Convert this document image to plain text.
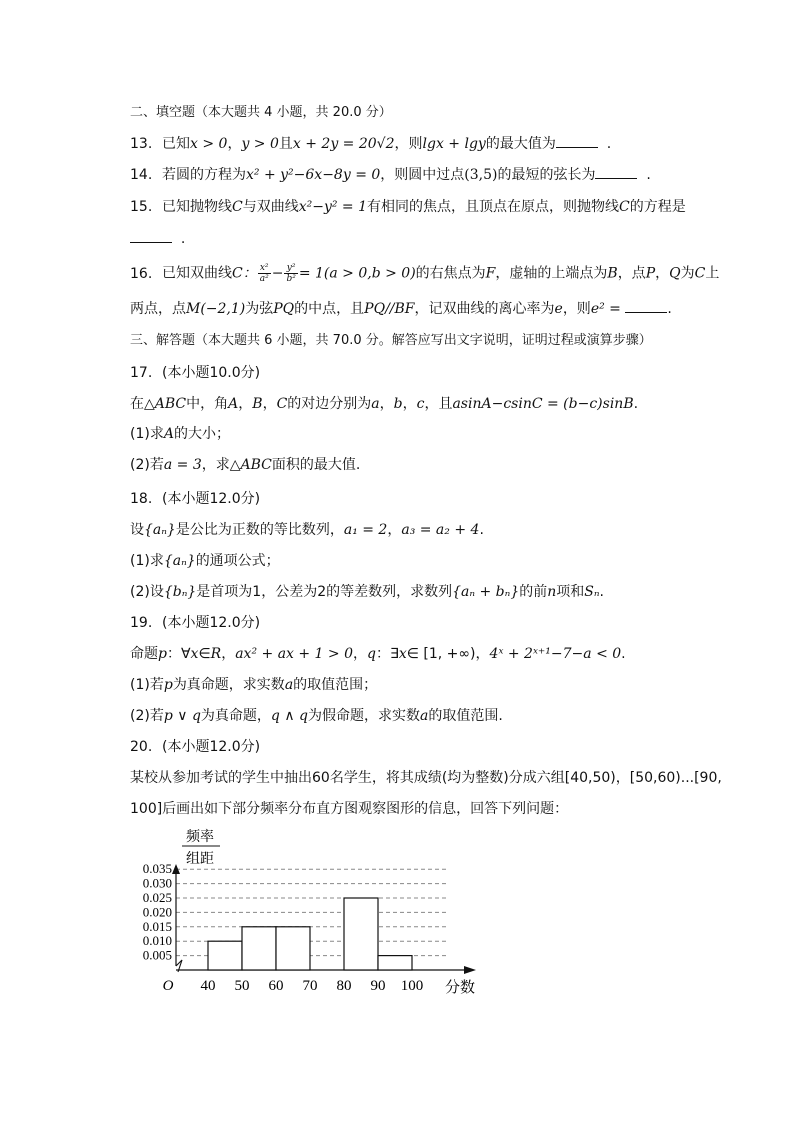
二、填空题（本大题共 4 小题，共 20.0 分）
13. 已知x > 0，y > 0且x + 2y = 20√2，则lgx + lgy的最大值为	.
14. 若圆的方程为x² + y²−6x−8y = 0，则圆中过点(3,5)的最短的弦长为	.
15. 已知抛物线C与双曲线x²−y² = 1有相同的焦点，且顶点在原点，则抛物线C的方程是
.
16. 已知双曲线C： $\frac{\text{x²}}{\text{a²}} - \frac{\text{y²}}{\text{b²}} = 1(a > 0,b > 0)$的右焦点为F，虚轴的上端点为B，点P，Q为C上
两点，点M(−2,1)为弦PQ的中点，且PQ//BF，记双曲线的离心率为e，则e² =	.
三、解答题（本大题共 6 小题，共 70.0 分。解答应写出文字说明，证明过程或演算步骤）
17. (本小题10.0分)
在△ABC中，角A，B，C的对边分别为a，b，c，且asinA−csinC = (b−c)sinB.
(1)求A的大小；
(2)若a = 3，求△ABC面积的最大值.
18. (本小题12.0分)
设{aₙ}是公比为正数的等比数列，a₁ = 2，a₃ = a₂ + 4.
(1)求{aₙ}的通项公式；
(2)设{bₙ}是首项为1，公差为2的等差数列，求数列{aₙ + bₙ}的前n项和Sₙ.
19. (本小题12.0分)
命题p：∀x∈R，ax² + ax + 1 > 0，q：∃x∈ [1, +∞)，4ˣ + 2ˣ⁺¹−7−a < 0.
(1)若p为真命题，求实数a的取值范围；
(2)若p ∨ q为真命题，q ∧ q为假命题，求实数a的取值范围.
20. (本小题12.0分)
某校从参加考试的学生中抽出60名学生，将其成绩(均为整数)分成六组[40,50)，[50,60)...[90,
100]后画出如下部分频率分布直方图观察图形的信息，回答下列问题：
频率
组距
0.035
0.030
0.025
0.020
0.015
0.010
0.005
40 50 60 70 80 90 100
O	分数
